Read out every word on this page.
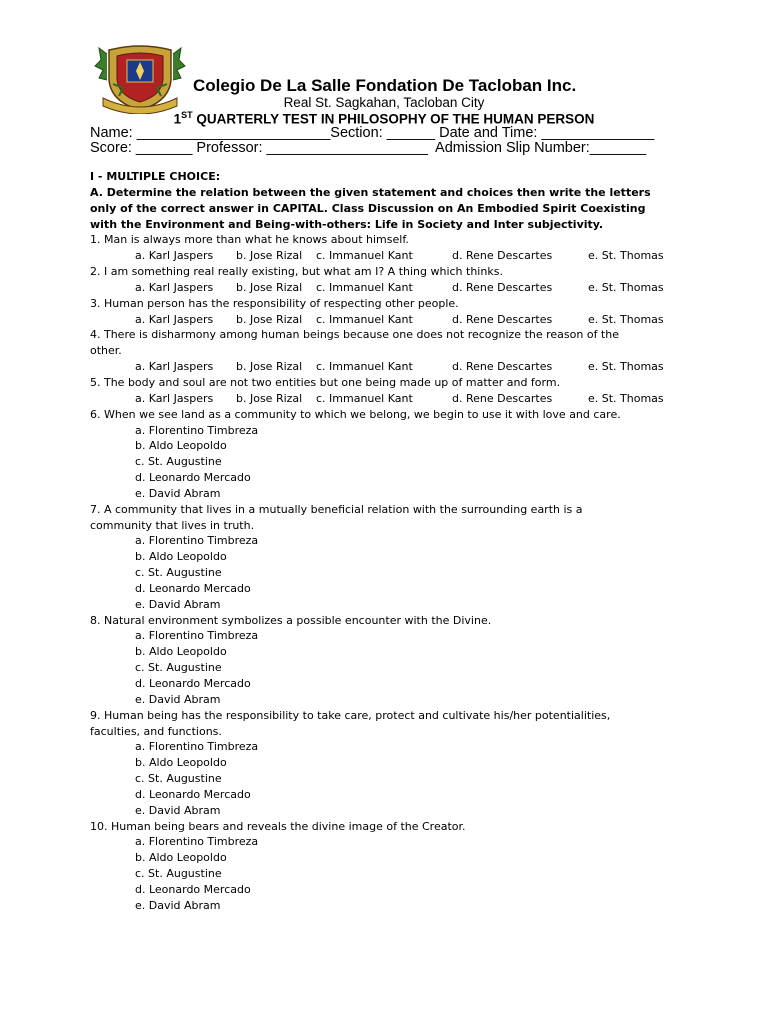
Colegio De La Salle Fondation De Tacloban Inc.
Real St. Sagkahan, Tacloban City
1ST QUARTERLY TEST IN PHILOSOPHY OF THE HUMAN PERSON
Name: ________________________Section: ______ Date and Time: ______________
Score: _______ Professor: ____________________  Admission Slip Number:_______
I - MULTIPLE CHOICE:
A. Determine the relation between the given statement and choices then write the letters
only of the correct answer in CAPITAL. Class Discussion on An Embodied Spirit Coexisting
with the Environment and Being-with-others: Life in Society and Inter subjectivity.
1. Man is always more than what he knows about himself.
a. Karl Jaspers b. Jose Rizal c. Immanuel Kant	d. Rene Descartes	e. St. Thomas
2. I am something real really existing, but what am I? A thing which thinks.
a. Karl Jaspers b. Jose Rizal c. Immanuel Kant	d. Rene Descartes	e. St. Thomas
3. Human person has the responsibility of respecting other people.
a. Karl Jaspers b. Jose Rizal c. Immanuel Kant	d. Rene Descartes	e. St. Thomas
4. There is disharmony among human beings because one does not recognize the reason of the
other.
a. Karl Jaspers b. Jose Rizal c. Immanuel Kant	d. Rene Descartes	e. St. Thomas
5. The body and soul are not two entities but one being made up of matter and form.
a. Karl Jaspers b. Jose Rizal c. Immanuel Kant	d. Rene Descartes	e. St. Thomas
6. When we see land as a community to which we belong, we begin to use it with love and care.
a. Florentino Timbreza
b. Aldo Leopoldo
c. St. Augustine
d. Leonardo Mercado
e. David Abram
7. A community that lives in a mutually beneficial relation with the surrounding earth is a
community that lives in truth.
a. Florentino Timbreza
b. Aldo Leopoldo
c. St. Augustine
d. Leonardo Mercado
e. David Abram
8. Natural environment symbolizes a possible encounter with the Divine.
a. Florentino Timbreza
b. Aldo Leopoldo
c. St. Augustine
d. Leonardo Mercado
e. David Abram
9. Human being has the responsibility to take care, protect and cultivate his/her potentialities,
faculties, and functions.
a. Florentino Timbreza
b. Aldo Leopoldo
c. St. Augustine
d. Leonardo Mercado
e. David Abram
10. Human being bears and reveals the divine image of the Creator.
a. Florentino Timbreza
b. Aldo Leopoldo
c. St. Augustine
d. Leonardo Mercado
e. David Abram
